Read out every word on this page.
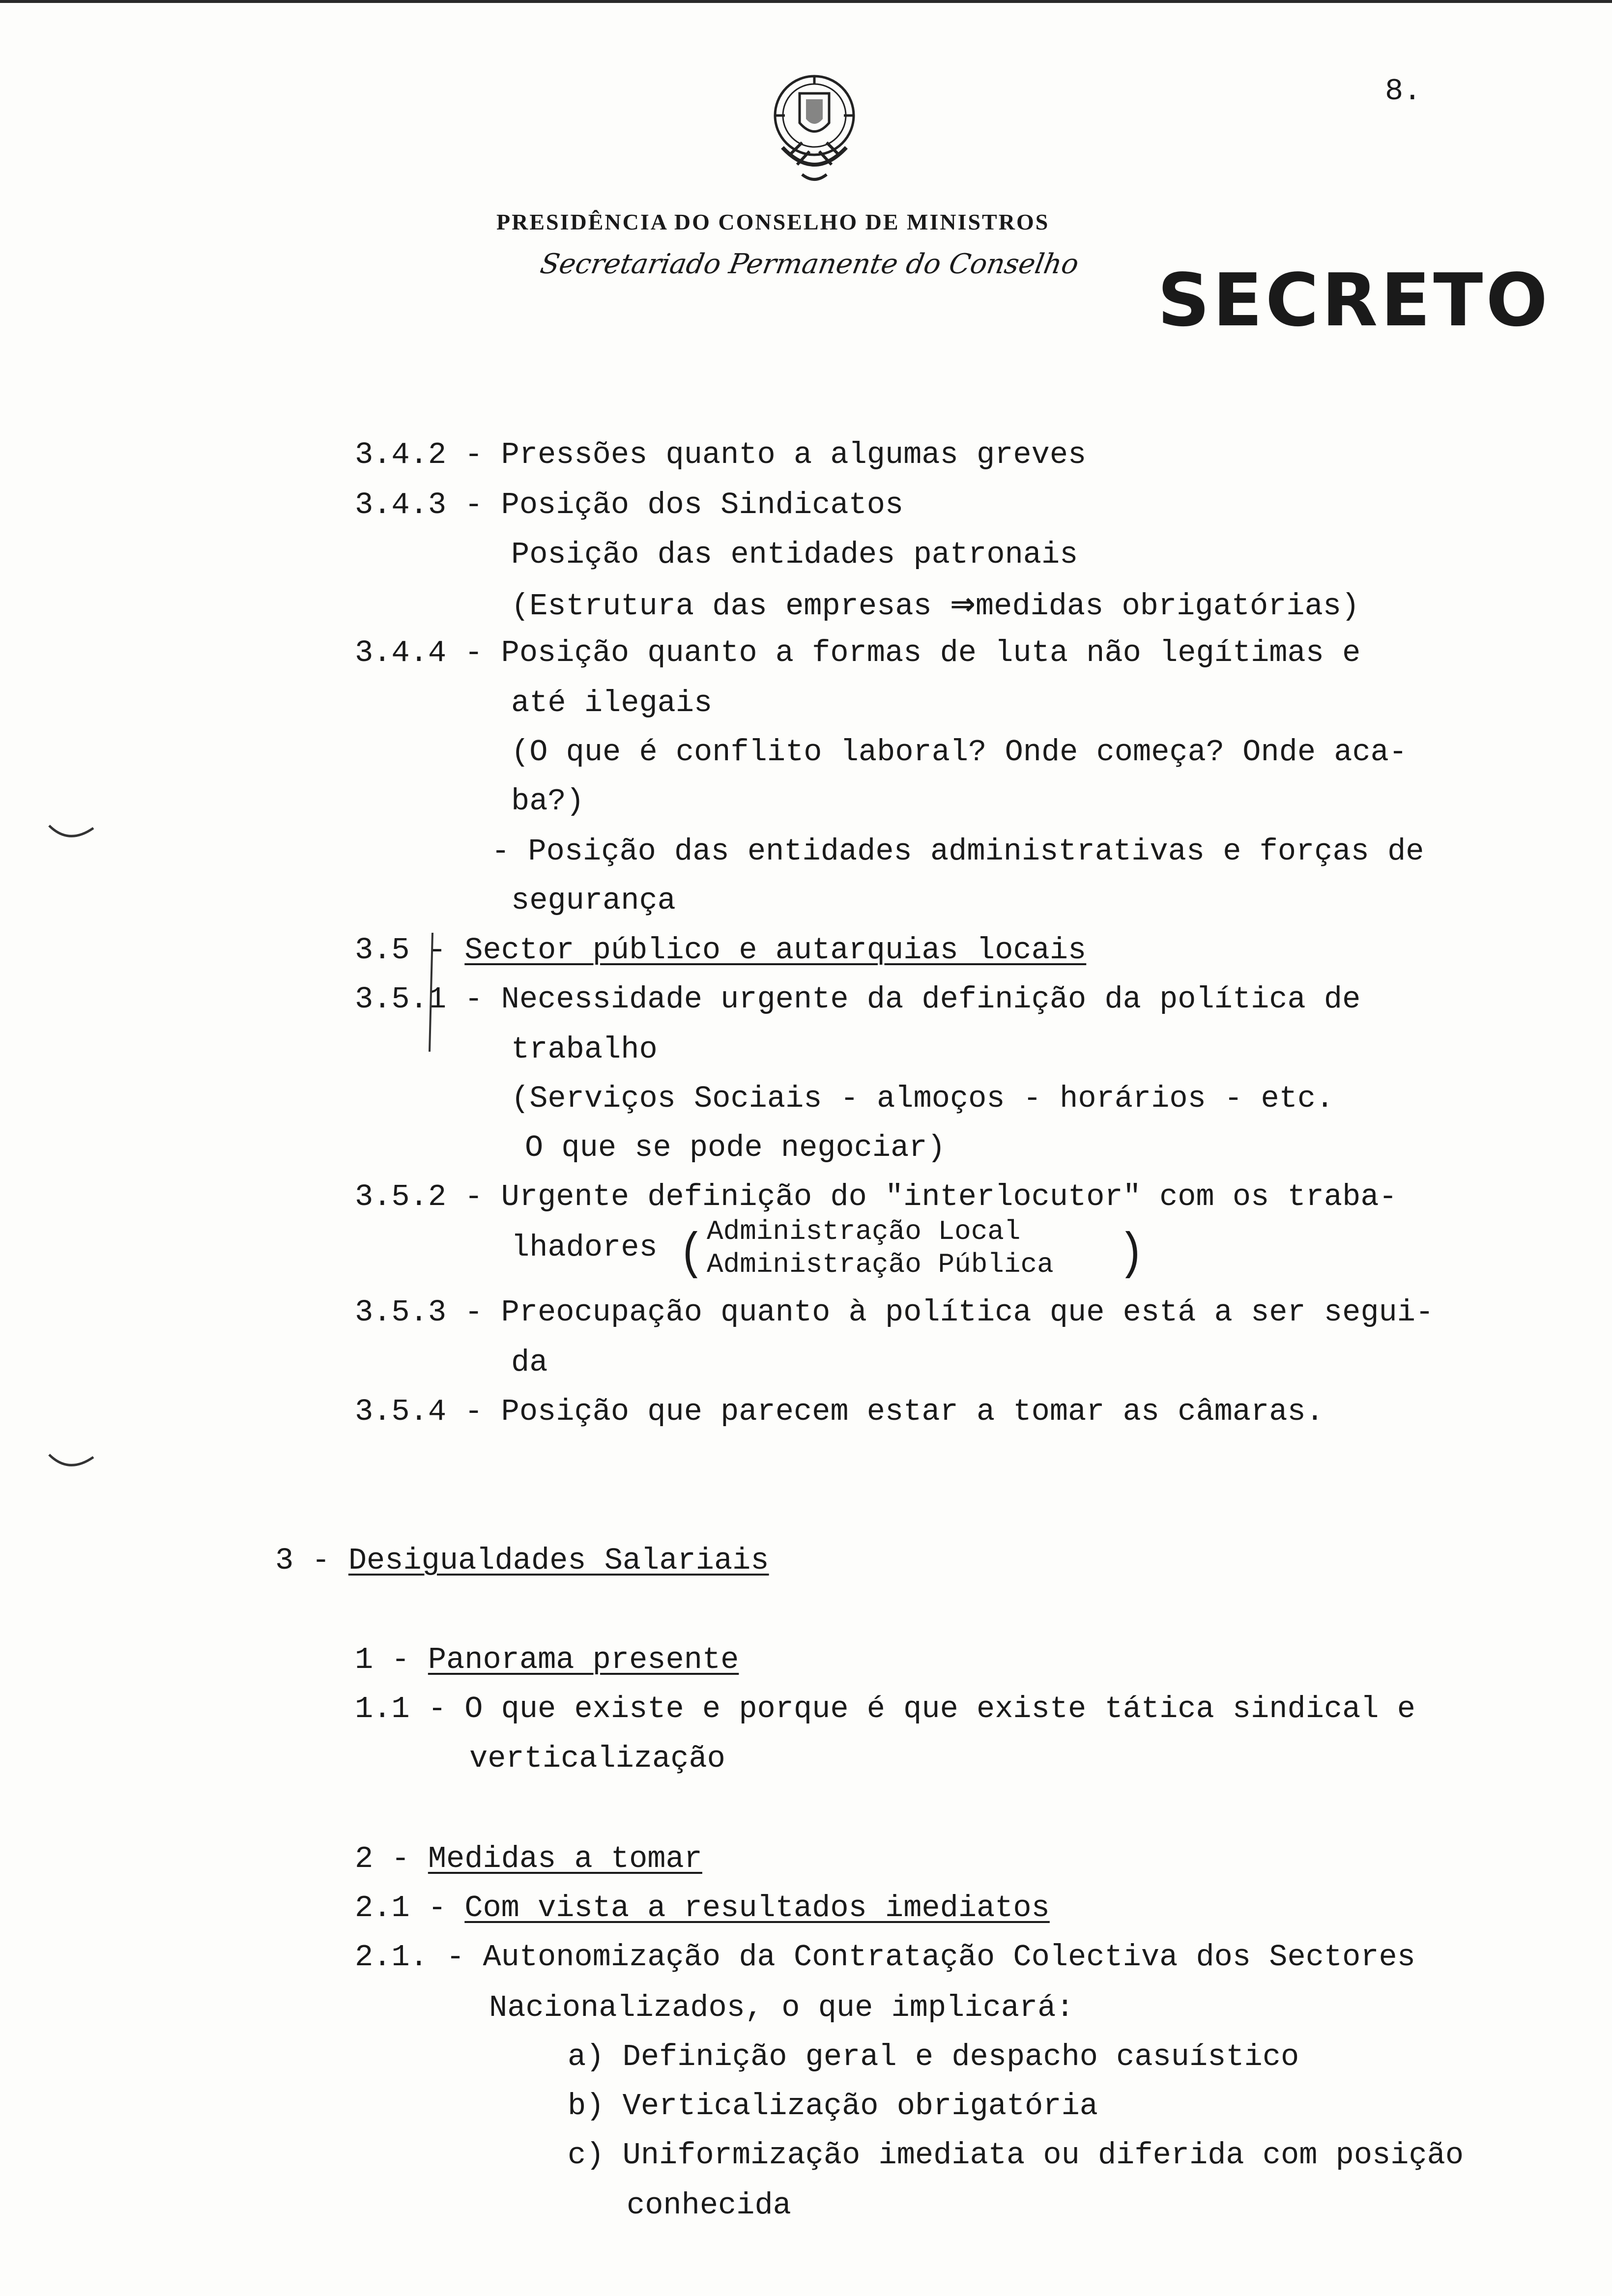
8.
PRESIDÊNCIA DO CONSELHO DE MINISTROS
Secretariado Permanente do Conselho SECRETO
3.4.2 - Pressões quanto a algumas greves
3.4.3 - Posição dos Sindicatos
Posição das entidades patronais
(Estrutura das empresas ⇒medidas obrigatórias)
3.4.4 - Posição quanto a formas de luta não legítimas e
até ilegais
(O que é conflito laboral? Onde começa? Onde aca-
ba?)
- Posição das entidades administrativas e forças de
segurança
3.5 - Sector público e autarquias locais
3.5.1 - Necessidade urgente da definição da política de
trabalho
(Serviços Sociais - almoços - horários - etc.
O que se pode negociar)
3.5.2 - Urgente definição do "interlocutor" com os traba-
lhadores ( Administração Local
Administração Pública )
3.5.3 - Preocupação quanto à política que está a ser segui-
da
3.5.4 - Posição que parecem estar a tomar as câmaras.
3 - Desigualdades Salariais
1 - Panorama presente
1.1 - O que existe e porque é que existe tática sindical e
verticalização
2 - Medidas a tomar
2.1 - Com vista a resultados imediatos
2.1. - Autonomização da Contratação Colectiva dos Sectores
Nacionalizados, o que implicará:
a) Definição geral e despacho casuístico
b) Verticalização obrigatória
c) Uniformização imediata ou diferida com posição
conhecida
